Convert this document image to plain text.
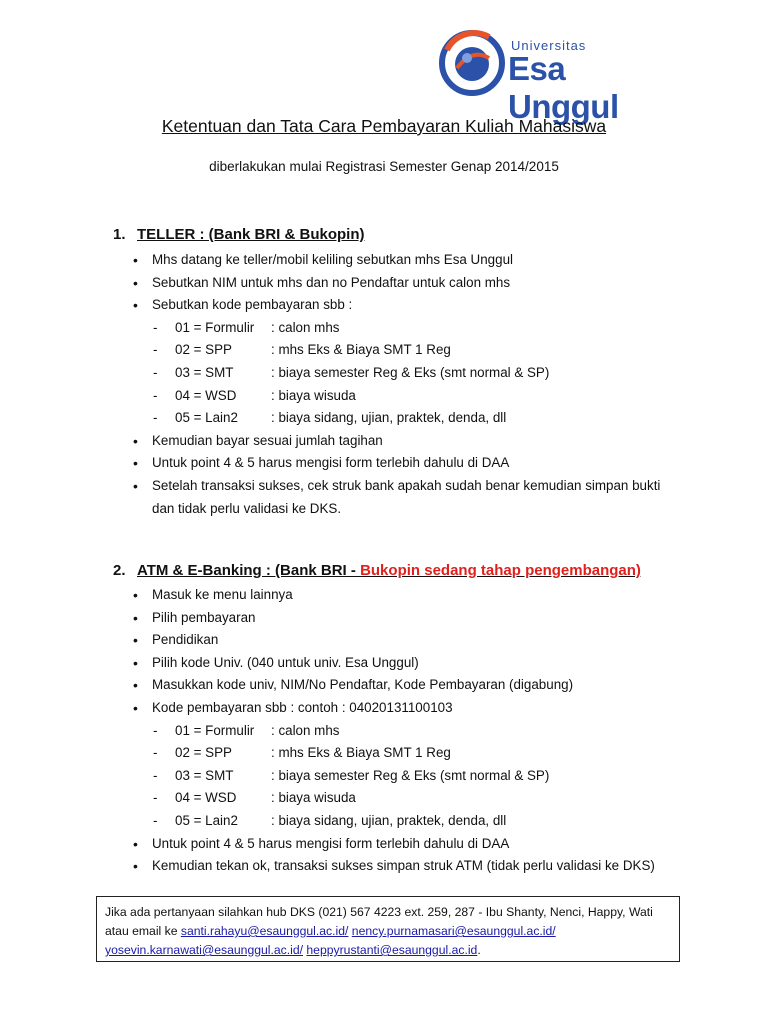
Universitas
Esa Unggul
Ketentuan dan Tata Cara Pembayaran Kuliah Mahasiswa
diberlakukan mulai Registrasi Semester Genap 2014/2015
1. TELLER : (Bank BRI & Bukopin)
• Mhs datang ke teller/mobil keliling sebutkan mhs Esa Unggul
• Sebutkan NIM untuk mhs dan no Pendaftar untuk calon mhs
• Sebutkan kode pembayaran sbb :
- 01 = Formulir : calon mhs
- 02 = SPP	: mhs Eks & Biaya SMT 1 Reg
- 03 = SMT	: biaya semester Reg & Eks (smt normal & SP)
- 04 = WSD	: biaya wisuda
- 05 = Lain2 : biaya sidang, ujian, praktek, denda, dll
• Kemudian bayar sesuai jumlah tagihan
• Untuk point 4 & 5 harus mengisi form terlebih dahulu di DAA
• Setelah transaksi sukses, cek struk bank apakah sudah benar kemudian simpan bukti dan tidak perlu validasi ke DKS.
2. ATM & E-Banking : (Bank BRI - Bukopin sedang tahap pengembangan)
• Masuk ke menu lainnya
• Pilih pembayaran
• Pendidikan
• Pilih kode Univ. (040 untuk univ. Esa Unggul)
• Masukkan kode univ, NIM/No Pendaftar, Kode Pembayaran (digabung)
• Kode pembayaran sbb : contoh : 04020131100103
- 01 = Formulir : calon mhs
- 02 = SPP	: mhs Eks & Biaya SMT 1 Reg
- 03 = SMT	: biaya semester Reg & Eks (smt normal & SP)
- 04 = WSD	: biaya wisuda
- 05 = Lain2 : biaya sidang, ujian, praktek, denda, dll
• Untuk point 4 & 5 harus mengisi form terlebih dahulu di DAA
• Kemudian tekan ok, transaksi sukses simpan struk ATM (tidak perlu validasi ke DKS)
Jika ada pertanyaan silahkan hub DKS (021) 567 4223 ext. 259, 287 - Ibu Shanty, Nenci, Happy, Wati
atau email ke santi.rahayu@esaunggul.ac.id/ nency.purnamasari@esaunggul.ac.id/
yosevin.karnawati@esaunggul.ac.id/ heppyrustanti@esaunggul.ac.id.
